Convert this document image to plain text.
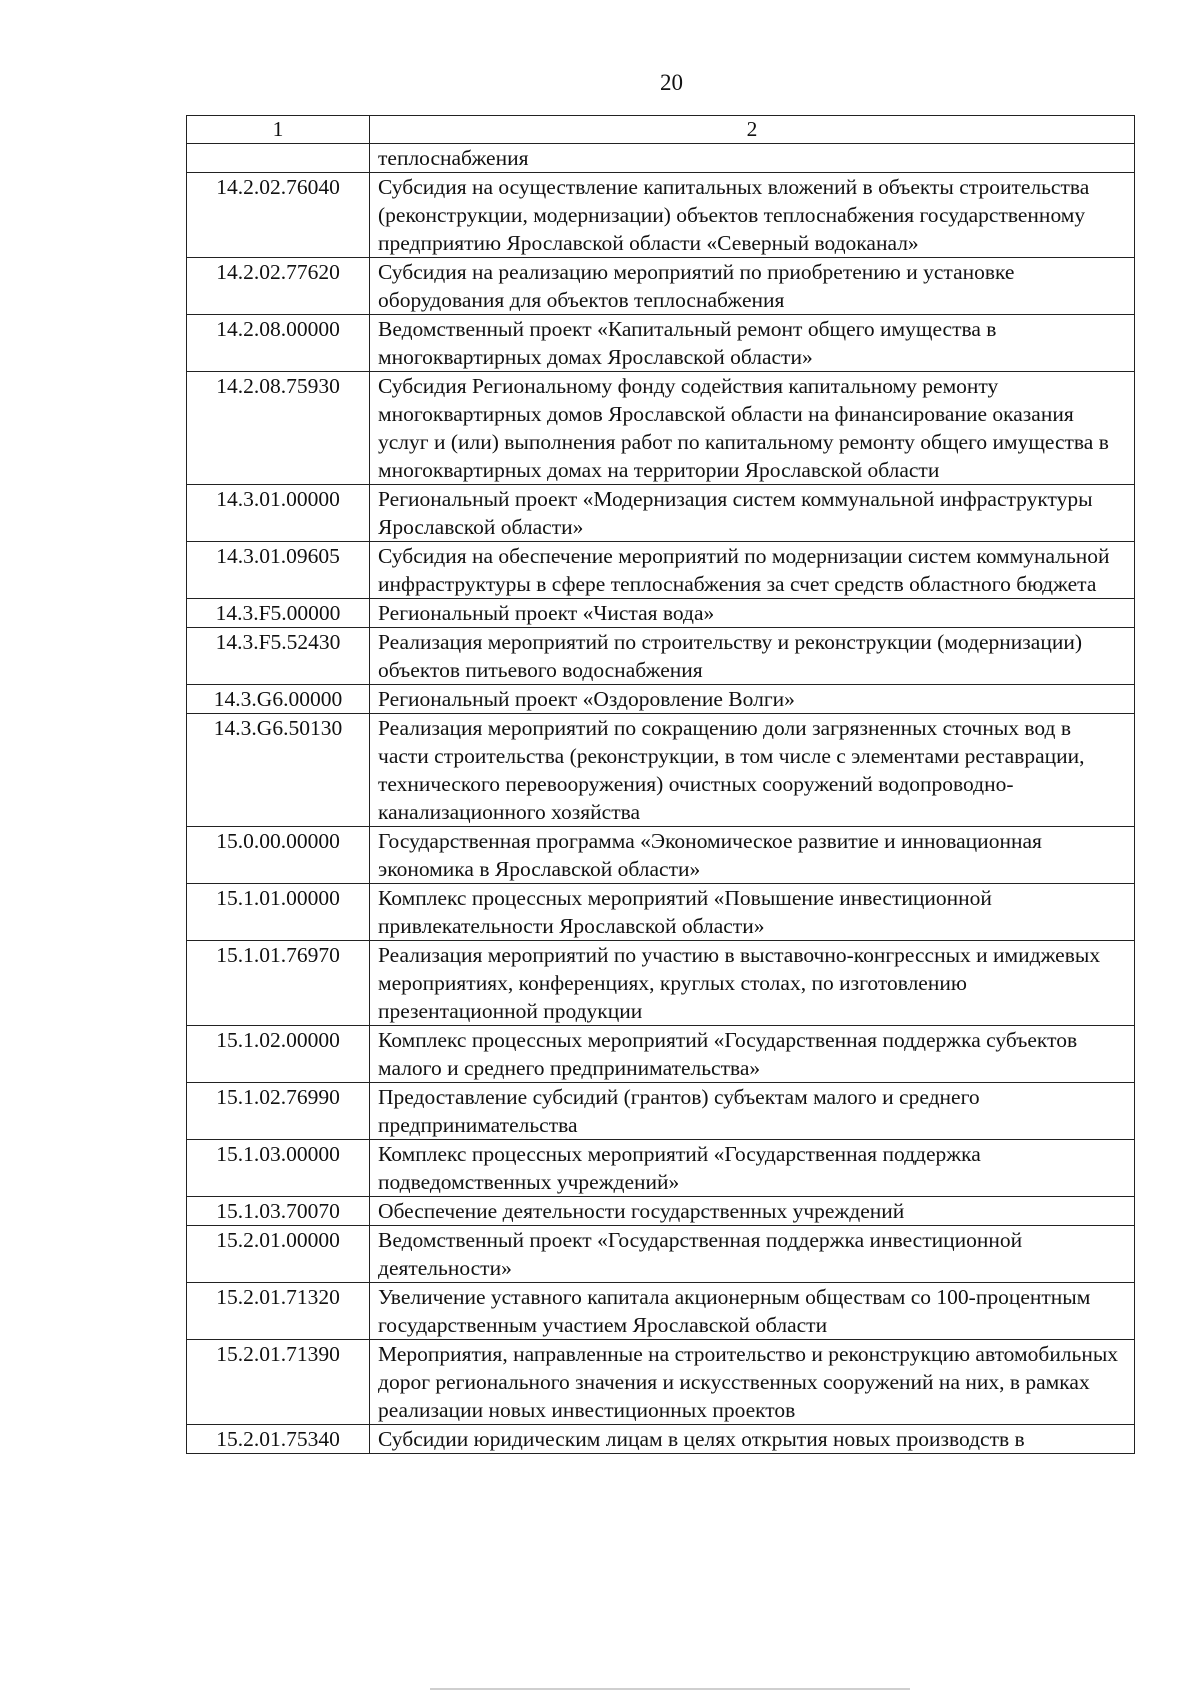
20
1	2
	теплоснабжения
14.2.02.76040	Субсидия на осуществление капитальных вложений в объекты строительства (реконструкции, модернизации) объектов теплоснабжения государственному предприятию Ярославской области «Северный водоканал»
14.2.02.77620	Субсидия на реализацию мероприятий по приобретению и установке оборудования для объектов теплоснабжения
14.2.08.00000	Ведомственный проект «Капитальный ремонт общего имущества в многоквартирных домах Ярославской области»
14.2.08.75930	Субсидия Региональному фонду содействия капитальному ремонту многоквартирных домов Ярославской области на финансирование оказания услуг и (или) выполнения работ по капитальному ремонту общего имущества в многоквартирных домах на территории Ярославской области
14.3.01.00000	Региональный проект «Модернизация систем коммунальной инфраструктуры Ярославской области»
14.3.01.09605	Субсидия на обеспечение мероприятий по модернизации систем коммунальной инфраструктуры в сфере теплоснабжения за счет средств областного бюджета
14.3.F5.00000	Региональный проект «Чистая вода»
14.3.F5.52430	Реализация мероприятий по строительству и реконструкции (модернизации) объектов питьевого водоснабжения
14.3.G6.00000	Региональный проект «Оздоровление Волги»
14.3.G6.50130	Реализация мероприятий по сокращению доли загрязненных сточных вод в части строительства (реконструкции, в том числе с элементами реставрации, технического перевооружения) очистных сооружений водопроводно-канализационного хозяйства
15.0.00.00000	Государственная программа «Экономическое развитие и инновационная экономика в Ярославской области»
15.1.01.00000	Комплекс процессных мероприятий «Повышение инвестиционной привлекательности Ярославской области»
15.1.01.76970	Реализация мероприятий по участию в выставочно-конгрессных и имиджевых мероприятиях, конференциях, круглых столах, по изготовлению презентационной продукции
15.1.02.00000	Комплекс процессных мероприятий «Государственная поддержка субъектов малого и среднего предпринимательства»
15.1.02.76990	Предоставление субсидий (грантов) субъектам малого и среднего предпринимательства
15.1.03.00000	Комплекс процессных мероприятий «Государственная поддержка подведомственных учреждений»
15.1.03.70070	Обеспечение деятельности государственных учреждений
15.2.01.00000	Ведомственный проект «Государственная поддержка инвестиционной деятельности»
15.2.01.71320	Увеличение уставного капитала акционерным обществам со 100-процентным государственным участием Ярославской области
15.2.01.71390	Мероприятия, направленные на строительство и реконструкцию автомобильных дорог регионального значения и искусственных сооружений на них, в рамках реализации новых инвестиционных проектов
15.2.01.75340	Субсидии юридическим лицам в целях открытия новых производств в
